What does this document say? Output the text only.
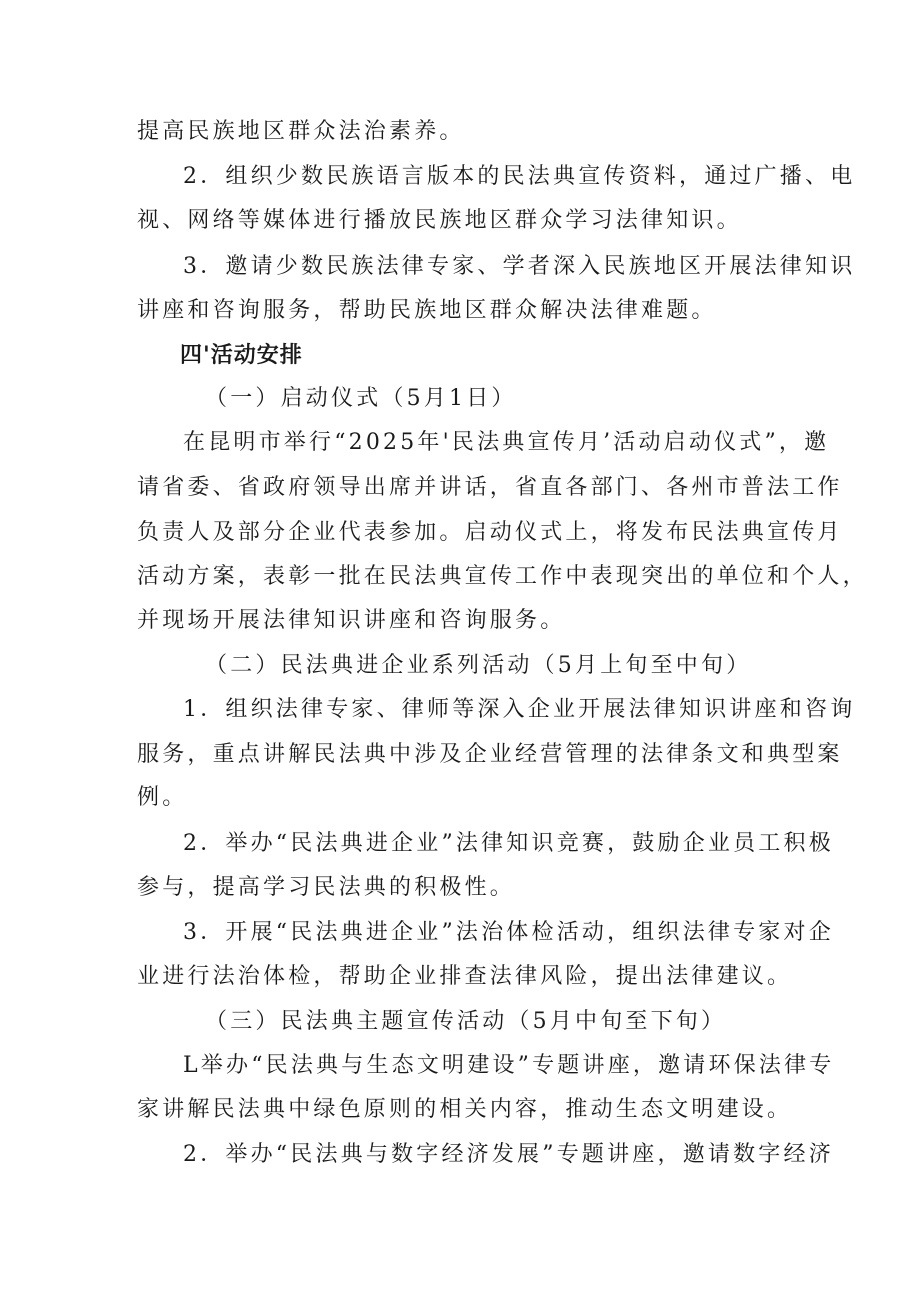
提高民族地区群众法治素养。
2．组织少数民族语言版本的民法典宣传资料，通过广播、电
视、网络等媒体进行播放民族地区群众学习法律知识。
3．邀请少数民族法律专家、学者深入民族地区开展法律知识
讲座和咨询服务，帮助民族地区群众解决法律难题。
四'活动安排
（一）启动仪式（5月1日）
在昆明市举行“2025年'民法典宣传月’活动启动仪式”，邀
请省委、省政府领导出席并讲话，省直各部门、各州市普法工作
负责人及部分企业代表参加。启动仪式上，将发布民法典宣传月
活动方案，表彰一批在民法典宣传工作中表现突出的单位和个人，
并现场开展法律知识讲座和咨询服务。
（二）民法典进企业系列活动（5月上旬至中旬）
1．组织法律专家、律师等深入企业开展法律知识讲座和咨询
服务，重点讲解民法典中涉及企业经营管理的法律条文和典型案
例。
2．举办“民法典进企业”法律知识竞赛，鼓励企业员工积极
参与，提高学习民法典的积极性。
3．开展“民法典进企业”法治体检活动，组织法律专家对企
业进行法治体检，帮助企业排查法律风险，提出法律建议。
（三）民法典主题宣传活动（5月中旬至下旬）
L举办“民法典与生态文明建设”专题讲座，邀请环保法律专
家讲解民法典中绿色原则的相关内容，推动生态文明建设。
2．举办“民法典与数字经济发展”专题讲座，邀请数字经济
